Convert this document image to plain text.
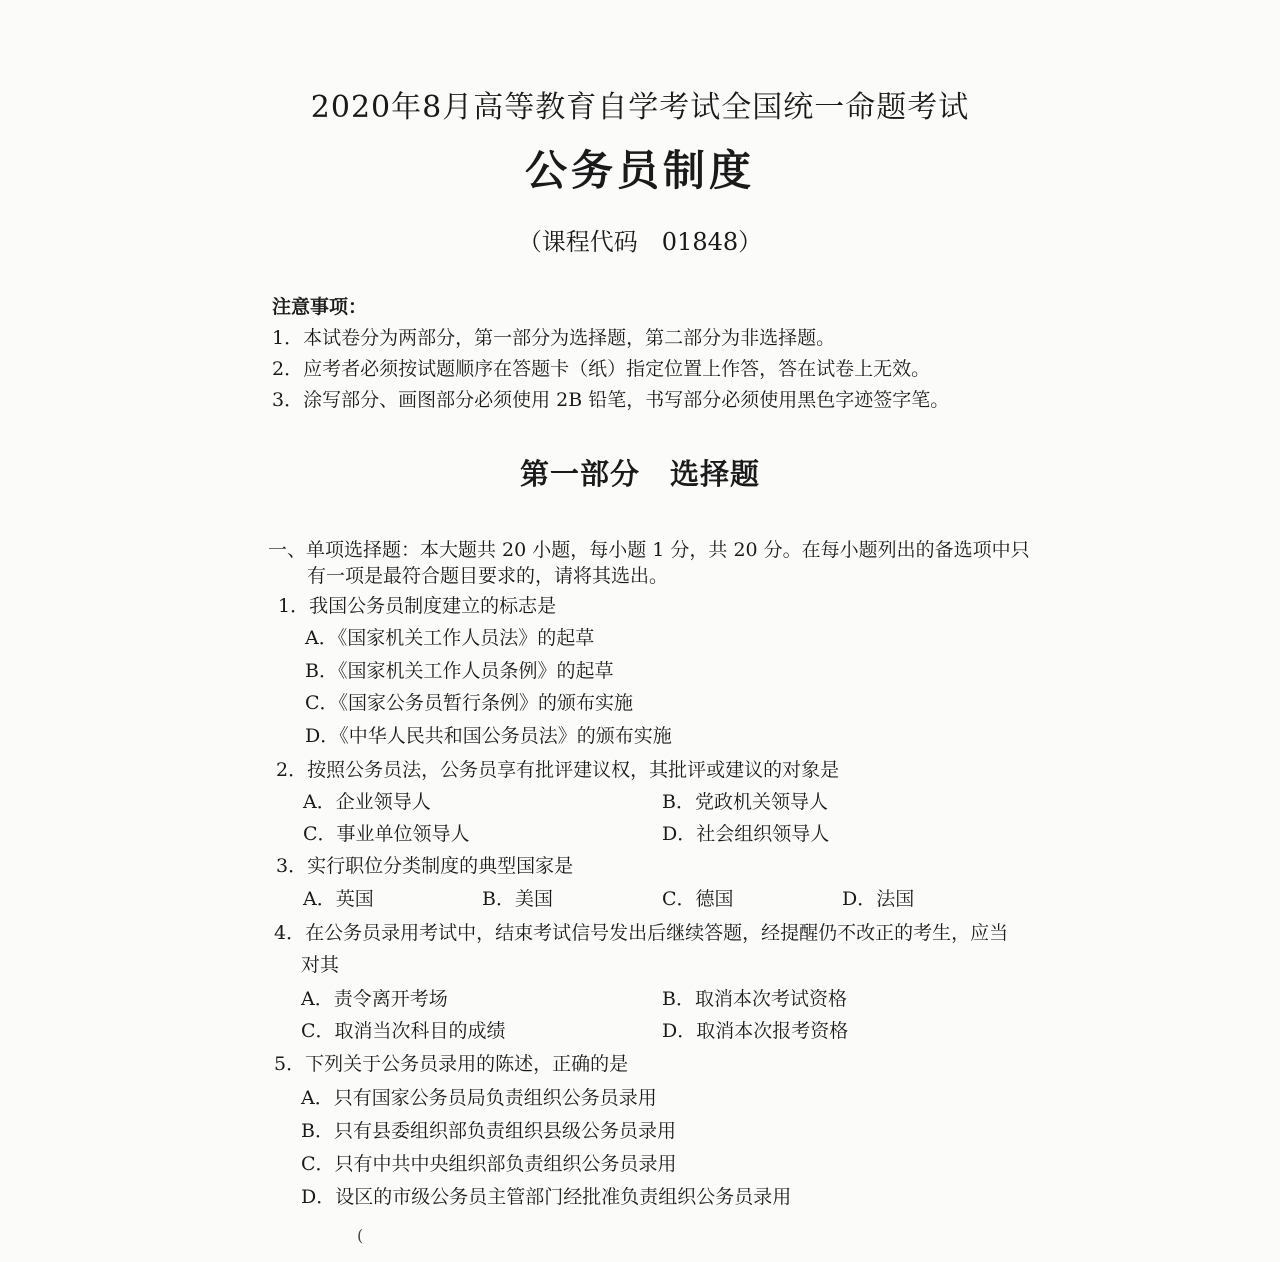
2020年8月高等教育自学考试全国统一命题考试
公务员制度
（课程代码　01848）
注意事项：
1．本试卷分为两部分，第一部分为选择题，第二部分为非选择题。
2．应考者必须按试题顺序在答题卡（纸）指定位置上作答，答在试卷上无效。
3．涂写部分、画图部分必须使用 2B 铅笔，书写部分必须使用黑色字迹签字笔。
第一部分　选择题
一、单项选择题：本大题共 20 小题，每小题 1 分，共 20 分。在每小题列出的备选项中只
有一项是最符合题目要求的，请将其选出。
1．我国公务员制度建立的标志是
A．《国家机关工作人员法》的起草
B．《国家机关工作人员条例》的起草
C．《国家公务员暂行条例》的颁布实施
D．《中华人民共和国公务员法》的颁布实施
2．按照公务员法，公务员享有批评建议权，其批评或建议的对象是
A．企业领导人	B．党政机关领导人
C．事业单位领导人	D．社会组织领导人
3．实行职位分类制度的典型国家是
A．英国	B．美国	C．德国	D．法国
4．在公务员录用考试中，结束考试信号发出后继续答题，经提醒仍不改正的考生，应当
对其
A．责令离开考场	B．取消本次考试资格
C．取消当次科目的成绩	D．取消本次报考资格
5．下列关于公务员录用的陈述，正确的是
A．只有国家公务员局负责组织公务员录用
B．只有县委组织部负责组织县级公务员录用
C．只有中共中央组织部负责组织公务员录用
D．设区的市级公务员主管部门经批准负责组织公务员录用
(
